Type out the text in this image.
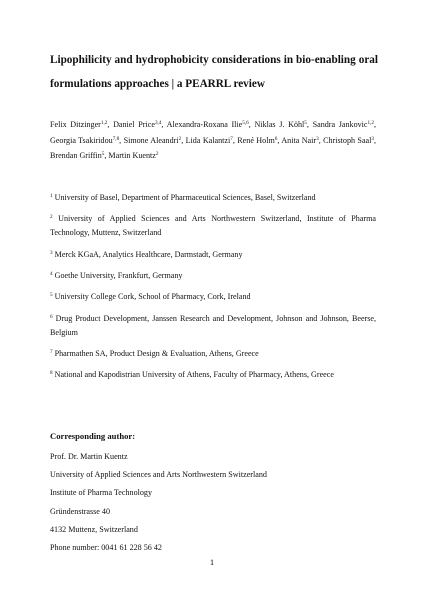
Lipophilicity and hydrophobicity considerations in bio-enabling oral formulations approaches | a PEARRL review
Felix Ditzinger$^{1,2}$, Daniel Price$^{3,4}$, Alexandra-Roxana Ilie$^{5,6}$, Niklas J. Köhl$^5$, Sandra Jankovic$^{1,2}$, Georgia Tsakiridou$^{7,8}$, Simone Aleandri$^2$, Lida Kalantzi$^7$, René Holm$^6$, Anita Nair$^3$, Christoph Saal$^3$, Brendan Griffin$^5$, Martin Kuentz$^2$
$^1$ University of Basel, Department of Pharmaceutical Sciences, Basel, Switzerland
$^2$ University of Applied Sciences and Arts Northwestern Switzerland, Institute of Pharma Technology, Muttenz, Switzerland
$^3$ Merck KGaA, Analytics Healthcare, Darmstadt, Germany
$^4$ Goethe University, Frankfurt, Germany
$^5$ University College Cork, School of Pharmacy, Cork, Ireland
$^6$ Drug Product Development, Janssen Research and Development, Johnson and Johnson, Beerse, Belgium
$^7$ Pharmathen SA, Product Design & Evaluation, Athens, Greece
$^8$ National and Kapodistrian University of Athens, Faculty of Pharmacy, Athens, Greece
Corresponding author:
Prof. Dr. Martin Kuentz
University of Applied Sciences and Arts Northwestern Switzerland
Institute of Pharma Technology
Gründenstrasse 40
4132 Muttenz, Switzerland
Phone number: 0041 61 228 56 42
1
